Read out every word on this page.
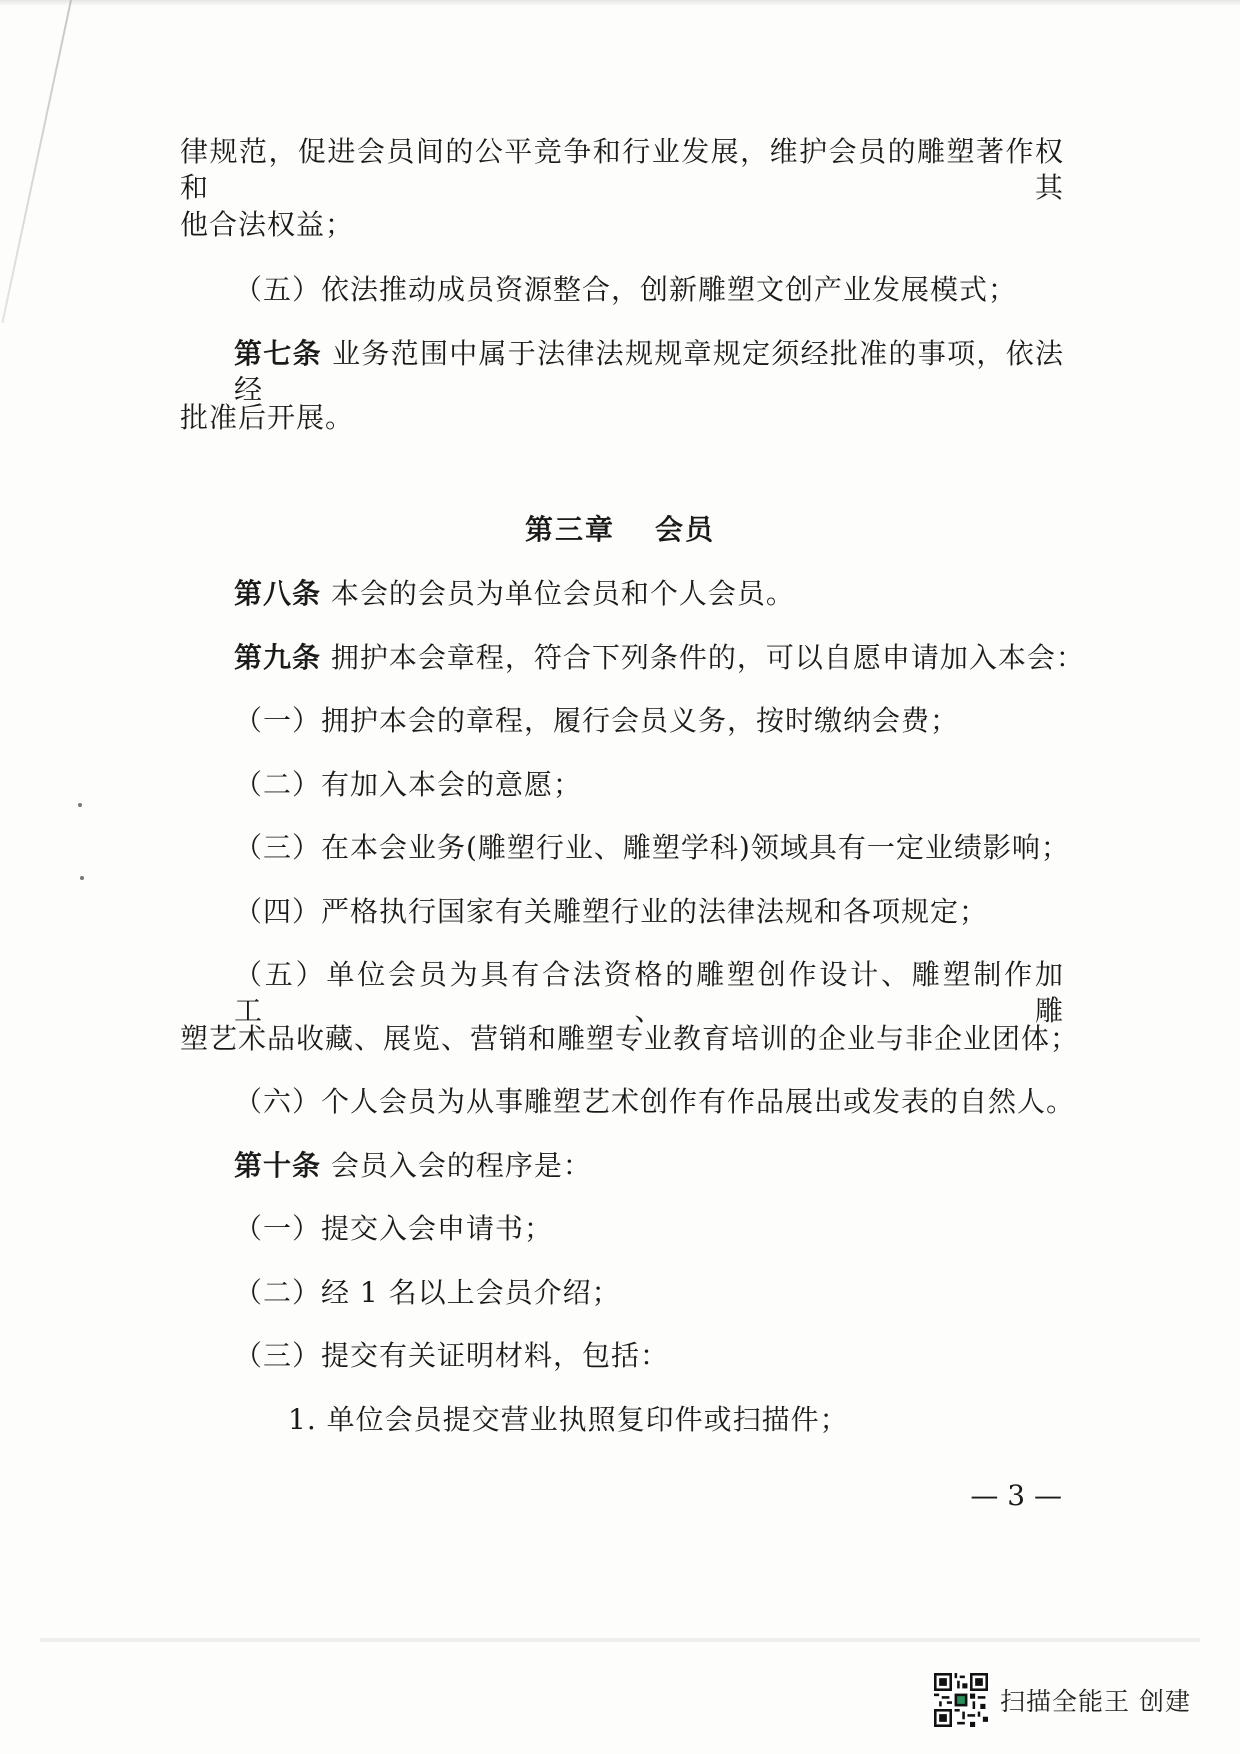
律规范，促进会员间的公平竞争和行业发展，维护会员的雕塑著作权和其
他合法权益；
（五）依法推动成员资源整合，创新雕塑文创产业发展模式；
第七条 业务范围中属于法律法规规章规定须经批准的事项，依法经
批准后开展。
第三章 会员
第八条 本会的会员为单位会员和个人会员。
第九条 拥护本会章程，符合下列条件的，可以自愿申请加入本会：
（一）拥护本会的章程，履行会员义务，按时缴纳会费；
（二）有加入本会的意愿；
（三）在本会业务(雕塑行业、雕塑学科)领域具有一定业绩影响；
（四）严格执行国家有关雕塑行业的法律法规和各项规定；
（五）单位会员为具有合法资格的雕塑创作设计、雕塑制作加工、雕
塑艺术品收藏、展览、营销和雕塑专业教育培训的企业与非企业团体；
（六）个人会员为从事雕塑艺术创作有作品展出或发表的自然人。
第十条 会员入会的程序是：
（一）提交入会申请书；
（二）经 1 名以上会员介绍；
（三）提交有关证明材料，包括：
1. 单位会员提交营业执照复印件或扫描件；
— 3 —
扫描全能王 创建
